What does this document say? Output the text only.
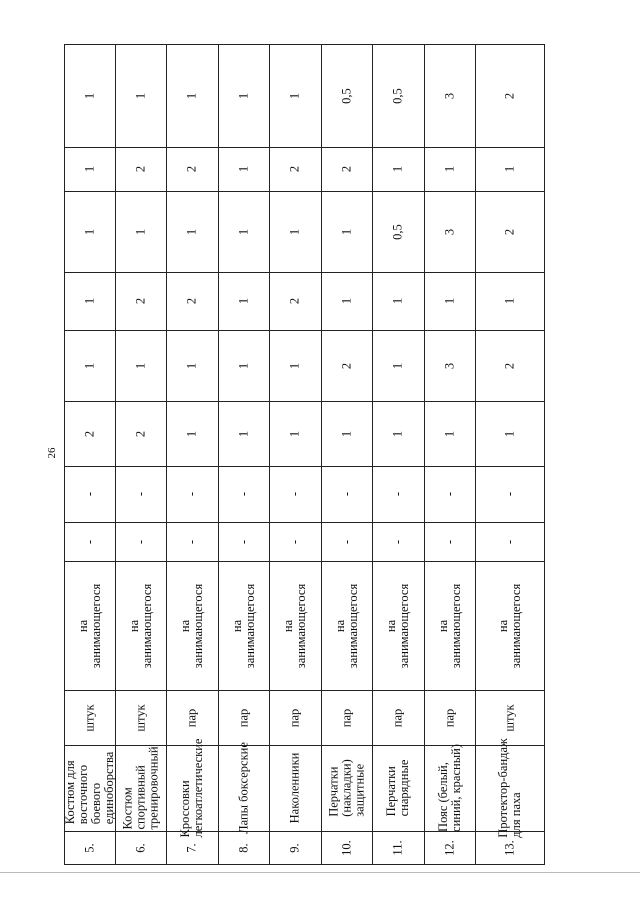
26
1
1
1
1
1
2
-
-
на
занимающегося
штук
Костюм для
восточного
боевого
единоборства
5.
1
2
1
2
1
2
-
-
на
занимающегося
штук
Костюм
спортивный
тренировочный
6.
1
2
1
2
1
1
-
-
на
занимающегося
пар
Кроссовки
легкоатлетические
7.
1
1
1
1
1
1
-
-
на
занимающегося
пар
Лапы боксерские
8.
1
2
1
2
1
1
-
-
на
занимающегося
пар
Наколенники
9.
0,5
2
1
1
2
1
-
-
на
занимающегося
пар
Перчатки
(накладки)
защитные
10.
0,5
1
0,5
1
1
1
-
-
на
занимающегося
пар
Перчатки
снарядные
11.
3
1
3
1
3
1
-
-
на
занимающегося
пар
Пояс (белый,
синий, красный)
12.
2
1
2
1
2
1
-
-
на
занимающегося
штук
Протектор-бандаж
для паха
13.
